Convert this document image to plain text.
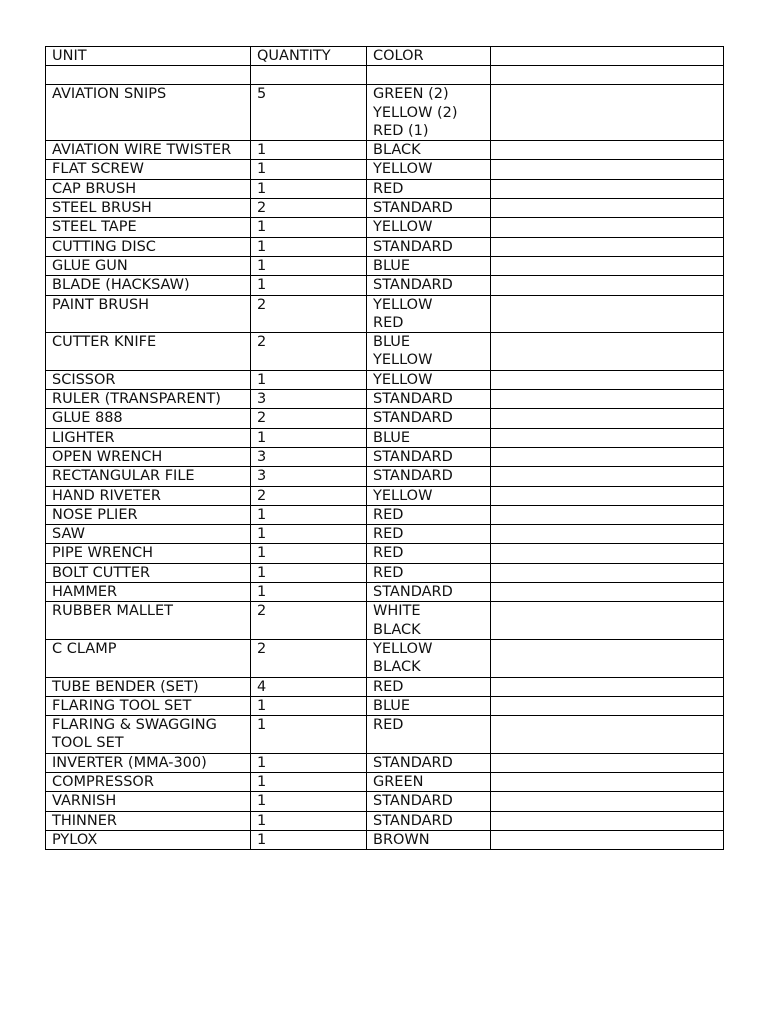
UNIT	QUANTITY	COLOR	

AVIATION SNIPS	5	GREEN (2)
YELLOW (2)
RED (1)	

AVIATION WIRE TWISTER	1	BLACK	

FLAT SCREW	1	YELLOW	

CAP BRUSH	1	RED	

STEEL BRUSH	2	STANDARD	

STEEL TAPE	1	YELLOW	

CUTTING DISC	1	STANDARD	

GLUE GUN	1	BLUE	

BLADE (HACKSAW)	1	STANDARD	

PAINT BRUSH	2	YELLOW
RED	

CUTTER KNIFE	2	BLUE
YELLOW	

SCISSOR	1	YELLOW	

RULER (TRANSPARENT)	3	STANDARD	

GLUE 888	2	STANDARD	

LIGHTER	1	BLUE	

OPEN WRENCH	3	STANDARD	

RECTANGULAR FILE	3	STANDARD	

HAND RIVETER	2	YELLOW	

NOSE PLIER	1	RED	

SAW	1	RED	

PIPE WRENCH	1	RED	

BOLT CUTTER	1	RED	

HAMMER	1	STANDARD	

RUBBER MALLET	2	WHITE
BLACK	

C CLAMP	2	YELLOW
BLACK	

TUBE BENDER (SET)	4	RED	

FLARING TOOL SET	1	BLUE	

FLARING & SWAGGING TOOL SET	1	RED	

INVERTER (MMA-300)	1	STANDARD	

COMPRESSOR	1	GREEN	

VARNISH	1	STANDARD	

THINNER	1	STANDARD	

PYLOX	1	BROWN	
